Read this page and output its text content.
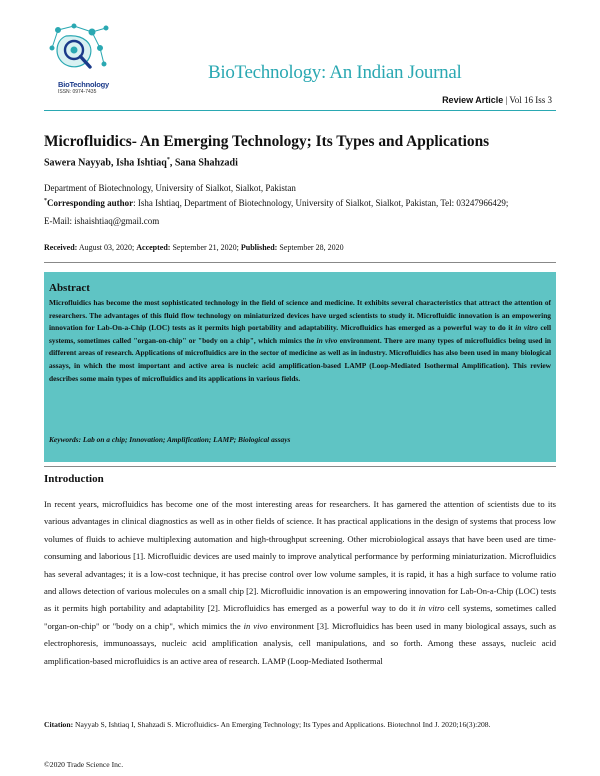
BioTechnology
ISSN: 0974-7435
BioTechnology: An Indian Journal
Review Article | Vol 16 Iss 3
Microfluidics- An Emerging Technology; Its Types and Applications
Sawera Nayyab, Isha Ishtiaq*, Sana Shahzadi
Department of Biotechnology, University of Sialkot, Sialkot, Pakistan
*Corresponding author: Isha Ishtiaq, Department of Biotechnology, University of Sialkot, Sialkot, Pakistan, Tel: 03247966429;
E-Mail: ishaishtiaq@gmail.com
Received: August 03, 2020; Accepted: September 21, 2020; Published: September 28, 2020
Abstract
Microfluidics has become the most sophisticated technology in the field of science and medicine. It exhibits several characteristics that attract the attention of researchers. The advantages of this fluid flow technology on miniaturized devices have urged scientists to study it. Microfluidic innovation is an empowering innovation for Lab-On-a-Chip (LOC) tests as it permits high portability and adaptability. Microfluidics has emerged as a powerful way to do it in vitro cell systems, sometimes called "organ-on-chip" or "body on a chip", which mimics the in vivo environment. There are many types of microfluidics being used in different areas of research. Applications of microfluidics are in the sector of medicine as well as in industry. Microfluidics has also been used in many biological assays, in which the most important and active area is nucleic acid amplification-based LAMP (Loop-Mediated Isothermal Amplification). This review describes some main types of microfluidics and its applications in various fields.
Keywords: Lab on a chip; Innovation; Amplification; LAMP; Biological assays
Introduction
In recent years, microfluidics has become one of the most interesting areas for researchers. It has garnered the attention of scientists due to its various advantages in clinical diagnostics as well as in other fields of science. It has practical applications in the design of systems that process low volumes of fluids to achieve multiplexing automation and high-throughput screening. Other microbiological assays that have been used are time-consuming and laborious [1]. Microfluidic devices are used mainly to improve analytical performance by performing miniaturization. Microfluidics has several advantages; it is a low-cost technique, it has precise control over low volume samples, it is rapid, it has a high surface to volume ratio and allows detection of various molecules on a small chip [2]. Microfluidic innovation is an empowering innovation for Lab-On-a-Chip (LOC) tests as it permits high portability and adaptability [2]. Microfluidics has emerged as a powerful way to do it in vitro cell systems, sometimes called "organ-on-chip" or "body on a chip", which mimics the in vivo environment [3]. Microfluidics has been used in many biological assays, such as electrophoresis, immunoassays, nucleic acid amplification analysis, cell manipulations, and so forth. Among these assays, nucleic acid amplification-based microfluidics is an active area of research. LAMP (Loop-Mediated Isothermal
Citation: Nayyab S, Ishtiaq I, Shahzadi S. Microfluidics- An Emerging Technology; Its Types and Applications. Biotechnol Ind J. 2020;16(3):208.
©2020 Trade Science Inc.
